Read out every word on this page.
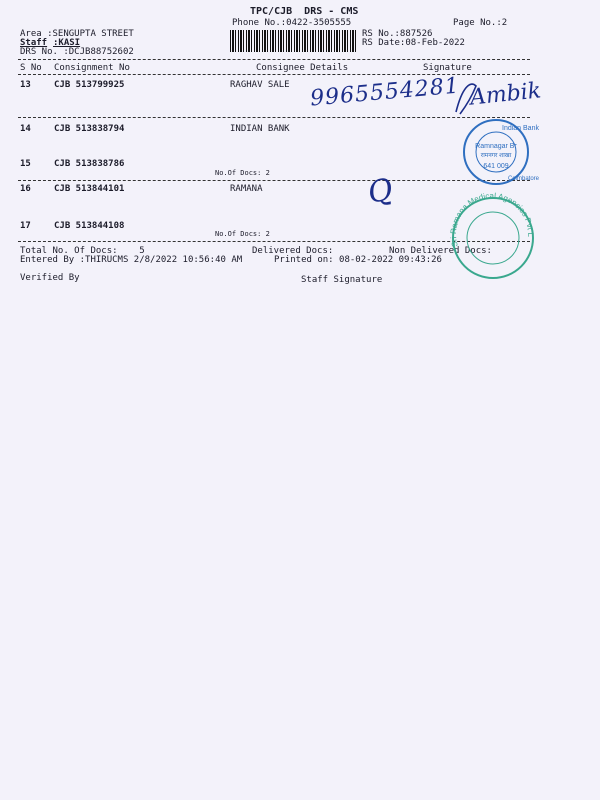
TPC/CJB  DRS - CMS
Phone No.:0422-3505555	Page No.:2
Area :SENGUPTA STREET
Staff :KASI
DRS No. :DCJB88752602
RS No.:887526
RS Date:08-Feb-2022
S No Consignment No	Consignee Details	Signature
13	CJB 513799925	RAGHAV SALE
14	CJB 513838794	INDIAN BANK
15	CJB 513838786
No.Of Docs: 2
16	CJB 513844101	RAMANA
17	CJB 513844108
No.Of Docs: 2
Total No. Of Docs:    5	Delivered Docs:	Non Delivered Docs:
Entered By :THIRUCMS 2/8/2022 10:56:40 AM	Printed on: 08-02-2022 09:43:26
Verified By	Staff Signature
9965554281 Ambik
Q
Indian Bank
Ramnagar Br
रामनगर शाखा
641 009
Coimbatore
Sri Ramana Medical Agencies Pvt Ltd
